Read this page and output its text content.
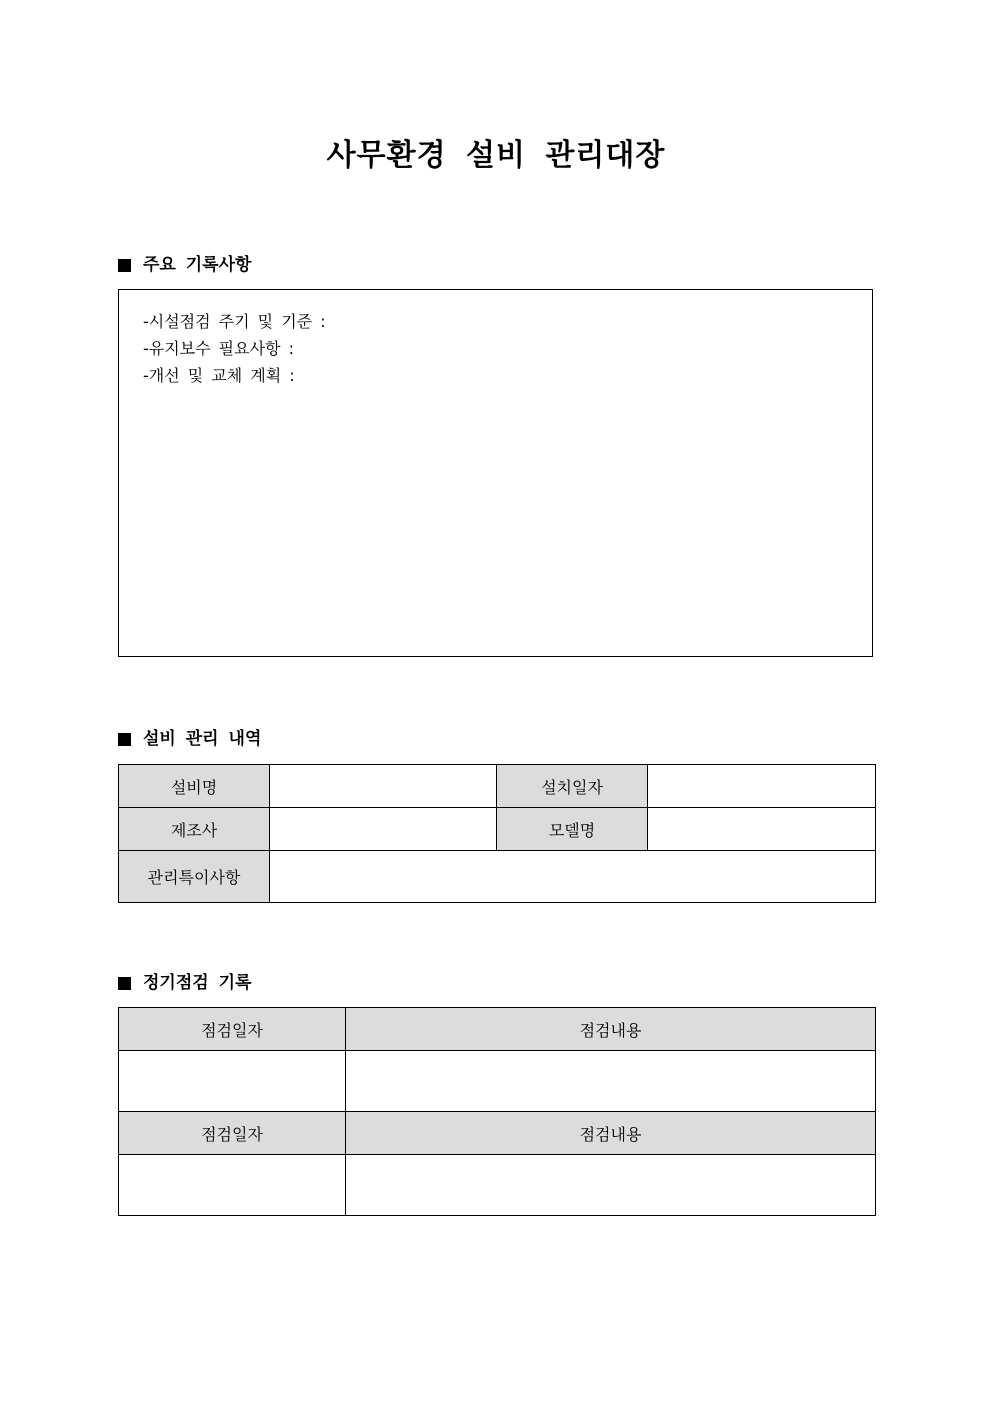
사무환경 설비 관리대장
주요 기록사항
-시설점검 주기 및 기준 :
-유지보수 필요사항 :
-개선 및 교체 계획 :
설비 관리 내역
설비명		설치일자	
제조사		모델명	
관리특이사항			
정기점검 기록
점검일자	점검내용

점검일자	점검내용
